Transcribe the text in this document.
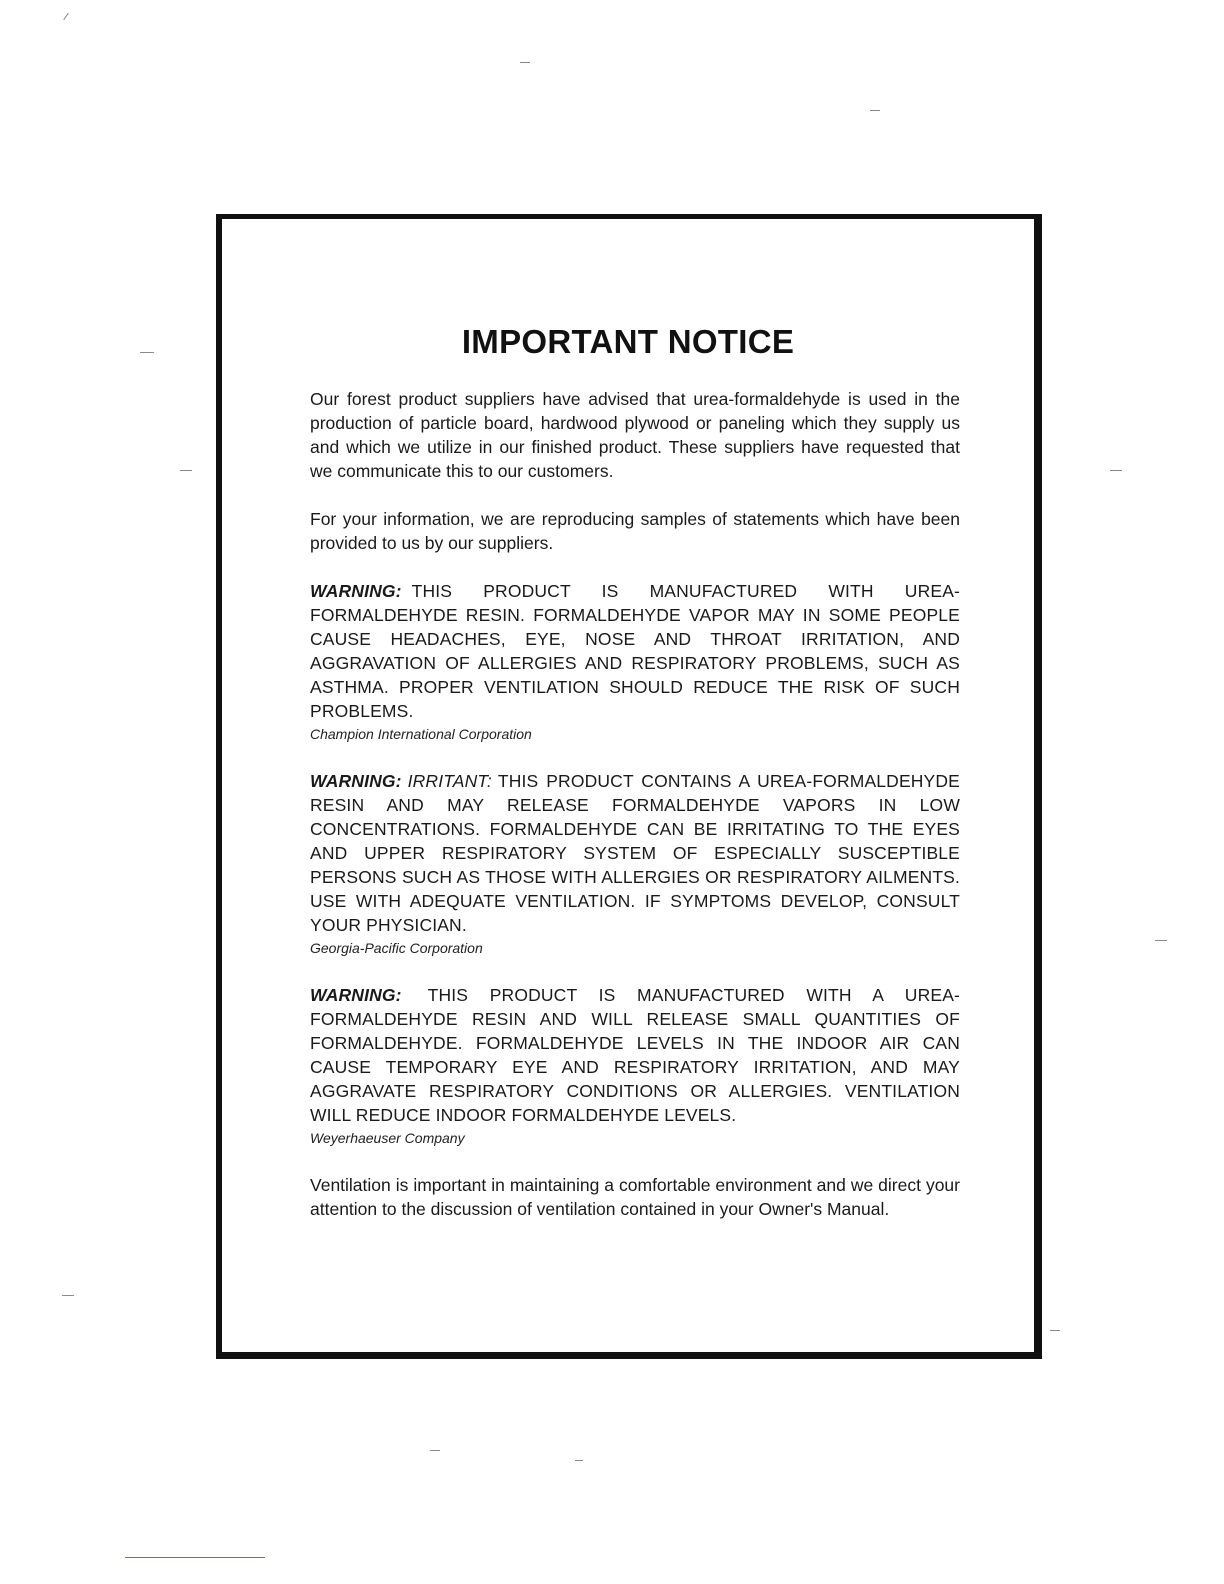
IMPORTANT NOTICE

Our forest product suppliers have advised that urea-formaldehyde is used in the production of particle board, hardwood plywood or paneling which they supply us and which we utilize in our finished product. These suppliers have requested that we communicate this to our customers.

For your information, we are reproducing samples of statements which have been provided to us by our suppliers.

WARNING: THIS PRODUCT IS MANUFACTURED WITH UREA-FORMALDEHYDE RESIN. FORMALDEHYDE VAPOR MAY IN SOME PEOPLE CAUSE HEADACHES, EYE, NOSE AND THROAT IRRITATION, AND AGGRAVATION OF ALLERGIES AND RESPIRATORY PROBLEMS, SUCH AS ASTHMA. PROPER VENTILATION SHOULD REDUCE THE RISK OF SUCH PROBLEMS.

Champion International Corporation

WARNING: IRRITANT: THIS PRODUCT CONTAINS A UREA-FORMALDEHYDE RESIN AND MAY RELEASE FORMALDEHYDE VAPORS IN LOW CONCENTRATIONS. FORMALDEHYDE CAN BE IRRITATING TO THE EYES AND UPPER RESPIRATORY SYSTEM OF ESPECIALLY SUSCEPTIBLE PERSONS SUCH AS THOSE WITH ALLERGIES OR RESPIRATORY AILMENTS. USE WITH ADEQUATE VENTILATION. IF SYMPTOMS DEVELOP, CONSULT YOUR PHYSICIAN.

Georgia-Pacific Corporation

WARNING: THIS PRODUCT IS MANUFACTURED WITH A UREA-FORMALDEHYDE RESIN AND WILL RELEASE SMALL QUANTITIES OF FORMALDEHYDE. FORMALDEHYDE LEVELS IN THE INDOOR AIR CAN CAUSE TEMPORARY EYE AND RESPIRATORY IRRITATION, AND MAY AGGRAVATE RESPIRATORY CONDITIONS OR ALLERGIES. VENTILATION WILL REDUCE INDOOR FORMALDEHYDE LEVELS.

Weyerhaeuser Company

Ventilation is important in maintaining a comfortable environment and we direct your attention to the discussion of ventilation contained in your Owner's Manual.
